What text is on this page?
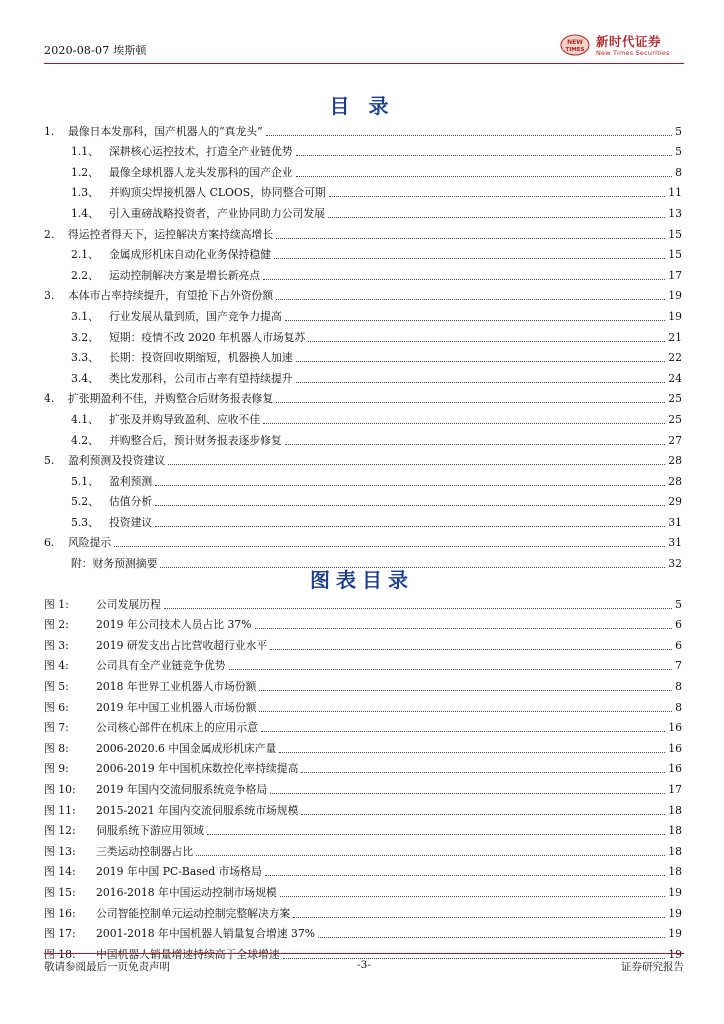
2020-08-07 埃斯顿
NEW
TIMES
新时代证券
New Times Securities
目 录
1.	最像日本发那科，国产机器人的“真龙头”	5
1.1、 深耕核心运控技术，打造全产业链优势	5
1.2、 最像全球机器人龙头发那科的国产企业	8
1.3、 并购顶尖焊接机器人 CLOOS，协同整合可期	11
1.4、 引入重磅战略投资者，产业协同助力公司发展	13
2.	得运控者得天下，运控解决方案持续高增长	15
2.1、 金属成形机床自动化业务保持稳健	15
2.2、 运动控制解决方案是增长新亮点	17
3.	本体市占率持续提升，有望抢下占外资份额	19
3.1、 行业发展从量到质，国产竞争力提高	19
3.2、 短期：疫情不改 2020 年机器人市场复苏	21
3.3、 长期：投资回收期缩短，机器换人加速	22
3.4、 类比发那科，公司市占率有望持续提升	24
4.	扩张期盈利不佳，并购整合后财务报表修复	25
4.1、 扩张及并购导致盈利、应收不佳	25
4.2、 并购整合后，预计财务报表逐步修复	27
5.	盈利预测及投资建议	28
5.1、 盈利预测	28
5.2、 估值分析	29
5.3、 投资建议	31
6.	风险提示	31
附：财务预测摘要	32
图表目录
图 1:	公司发展历程	5
图 2:	2019 年公司技术人员占比 37%	6
图 3:	2019 研发支出占比营收超行业水平	6
图 4:	公司具有全产业链竞争优势	7
图 5:	2018 年世界工业机器人市场份额	8
图 6:	2019 年中国工业机器人市场份额	8
图 7:	公司核心部件在机床上的应用示意	16
图 8:	2006-2020.6 中国金属成形机床产量	16
图 9:	2006-2019 年中国机床数控化率持续提高	16
图 10:	2019 年国内交流伺服系统竞争格局	17
图 11:	2015-2021 年国内交流伺服系统市场规模	18
图 12:	伺服系统下游应用领域	18
图 13:	三类运动控制器占比	18
图 14:	2019 年中国 PC-Based 市场格局	18
图 15:	2016-2018 年中国运动控制市场规模	19
图 16:	公司智能控制单元运动控制完整解决方案	19
图 17:	2001-2018 年中国机器人销量复合增速 37%	19
图 18:	中国机器人销量增速持续高于全球增速	19
敬请参阅最后一页免责声明	-3-	证券研究报告
